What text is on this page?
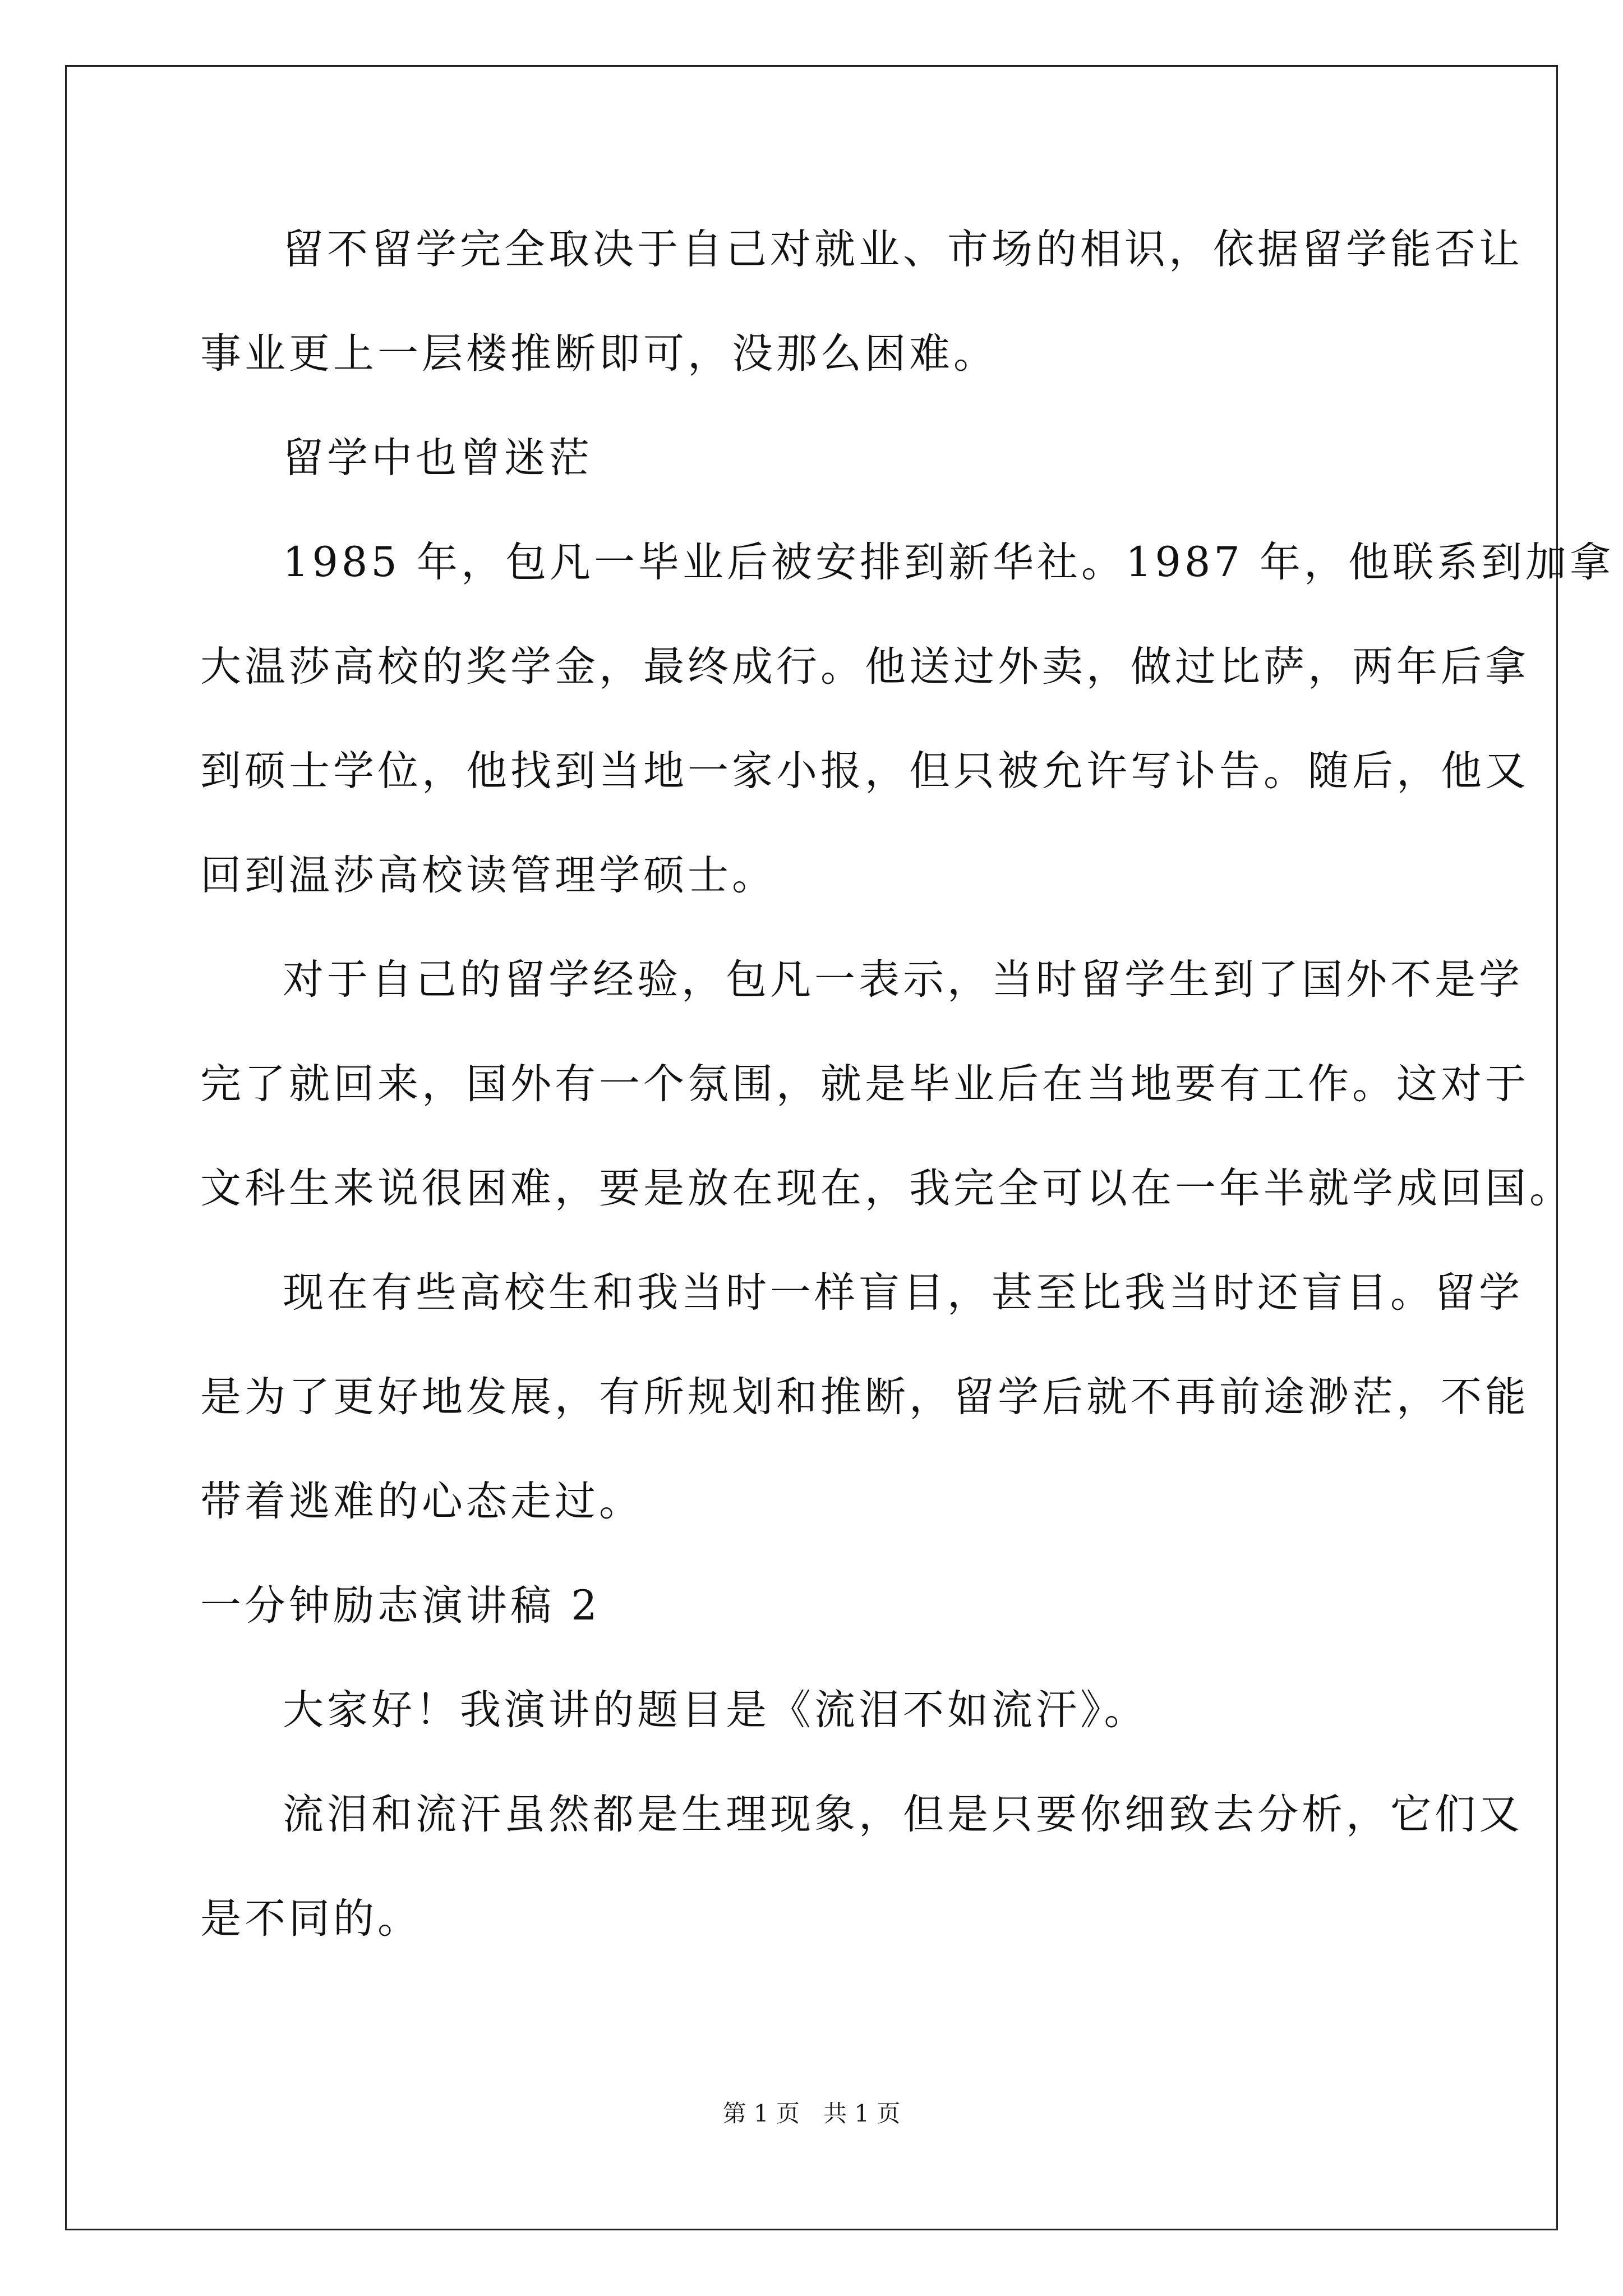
留不留学完全取决于自己对就业、市场的相识，依据留学能否让
事业更上一层楼推断即可，没那么困难。
留学中也曾迷茫
1985 年，包凡一毕业后被安排到新华社。1987 年，他联系到加拿
大温莎高校的奖学金，最终成行。他送过外卖，做过比萨，两年后拿
到硕士学位，他找到当地一家小报，但只被允许写讣告。随后，他又
回到温莎高校读管理学硕士。
对于自己的留学经验，包凡一表示，当时留学生到了国外不是学
完了就回来，国外有一个氛围，就是毕业后在当地要有工作。这对于
文科生来说很困难，要是放在现在，我完全可以在一年半就学成回国。
现在有些高校生和我当时一样盲目，甚至比我当时还盲目。留学
是为了更好地发展，有所规划和推断，留学后就不再前途渺茫，不能
带着逃难的心态走过。
一分钟励志演讲稿 2
大家好！我演讲的题目是《流泪不如流汗》。
流泪和流汗虽然都是生理现象，但是只要你细致去分析，它们又
是不同的。
第 1 页　共 1 页
